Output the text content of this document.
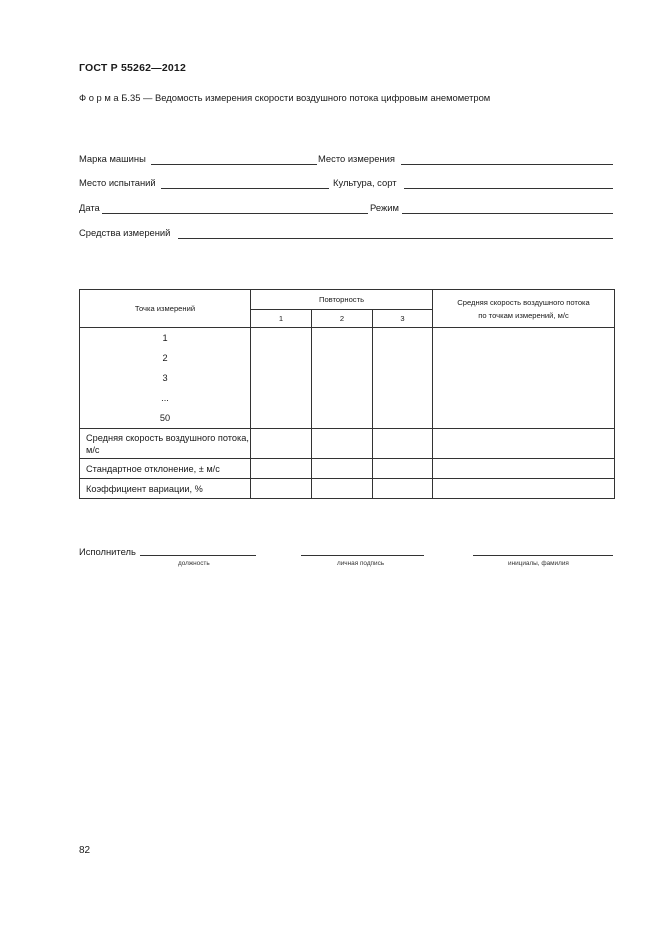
ГОСТ Р 55262—2012
Ф о р м а Б.35 — Ведомость измерения скорости воздушного потока цифровым анемометром
Марка машины	Место измерения
Место испытаний	Культура, сорт
Дата	Режим
Средства измерений
Точка измерений	Повторность			Средняя скорость воздушного потока
по точкам измерений, м/с

	1	2	3	

1
2
3
...
50				

Средняя скорость воздушного потока, м/с				
Стандартное отклонение, ± м/с				
Коэффициент вариации, %				
Исполнитель
должность	личная подпись	инициалы, фамилия
82
